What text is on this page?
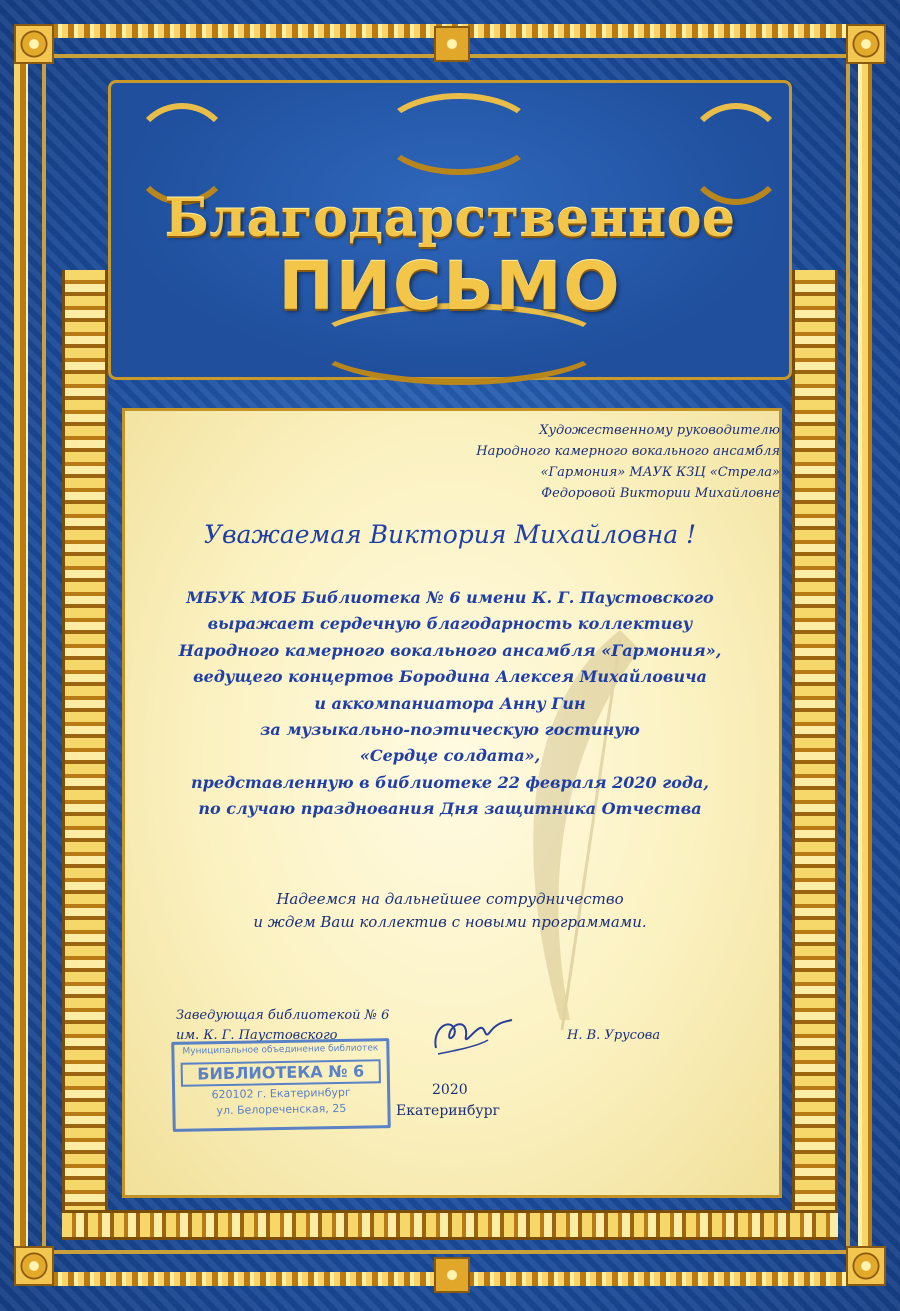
Благодарственное
ПИСЬМО
Художественному руководителю
Народного камерного вокального ансамбля
«Гармония» МАУК КЗЦ «Стрела»
Федоровой Виктории Михайловне
Уважаемая Виктория Михайловна !
МБУК МОБ Библиотека № 6 имени К. Г. Паустовского
выражает сердечную благодарность коллективу
Народного камерного вокального ансамбля «Гармония»,
ведущего концертов Бородина Алексея Михайловича
и аккомпаниатора Анну Гин
за музыкально-поэтическую гостиную
«Сердце солдата»,
представленную в библиотеке 22 февраля 2020 года,
по случаю празднования Дня защитника Отчества
Надеемся на дальнейшее сотрудничество
и ждем Ваш коллектив с новыми программами.
Заведующая библиотекой № 6
им. К. Г. Паустовского	Н. В. Урусова
Муниципальное объединение библиотек
БИБЛИОТЕКА № 6
620102 г. Екатеринбург
ул. Белореченская, 25
2020
Екатеринбург
